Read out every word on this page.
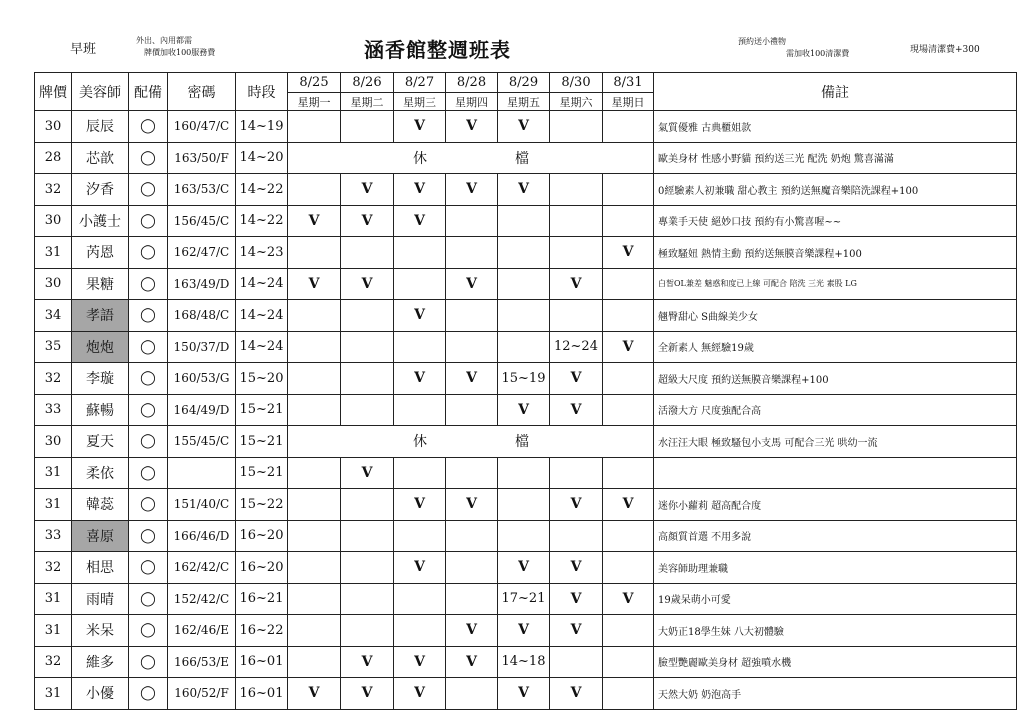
早班
外出、內用都需
牌價加收100服務費	涵香館整週班表	預約送小禮物
需加收100清潔費	現場清潔費+300
牌價	美容師	配備	密碼	時段	8/25	8/26	8/27	8/28	8/29	8/30	8/31	備註
					星期一	星期二	星期三	星期四	星期五	星期六	星期日	
30	辰辰	◯	160/47/C	14~19			V	V	V			氣質優雅 古典櫃姐款
28	芯歆	◯	163/50/F	14~20	休 檔							歐美身材 性感小野貓 預約送三光 配洗 奶炮 驚喜滿滿
32	汐香	◯	163/53/C	14~22		V	V	V	V			0經驗素人初兼職 甜心教主 預約送無魔音樂陪洗課程+100
30	小護士	◯	156/45/C	14~22	V	V	V					專業手天使 絕妙口技 預約有小驚喜喔~~
31	芮恩	◯	162/47/C	14~23							V	極致騷妞 熱情主動 預約送無膜音樂課程+100
30	果糖	◯	163/49/D	14~24	V	V		V		V		白皙OL兼差 魅惑和度已上線 可配合 陪洗 三光 素股 LG
34	孝語	◯	168/48/C	14~24			V					翹臀甜心 S曲線美少女
35	炮炮	◯	150/37/D	14~24						12~24	V	全新素人 無經驗19歲
32	李璇	◯	160/53/G	15~20			V	V	15~19	V		超級大尺度 預約送無膜音樂課程+100
33	蘇暢	◯	164/49/D	15~21					V	V		活潑大方 尺度強配合高
30	夏天	◯	155/45/C	15~21	休 檔							水汪汪大眼 極致騷包小支馬 可配合三光 哄幼一流
31	柔依	◯		15~21		V						
31	韓蕊	◯	151/40/C	15~22			V	V		V	V	迷你小蘿莉 超高配合度
33	喜原	◯	166/46/D	16~20								高顏質首選 不用多說
32	相思	◯	162/42/C	16~20			V		V	V		美容師助理兼職
31	雨晴	◯	152/42/C	16~21					17~21	V	V	19歲呆萌小可愛
31	米呆	◯	162/46/E	16~22				V	V	V		大奶正18學生妹 八大初體驗
32	維多	◯	166/53/E	16~01		V	V	V	14~18			臉型艷麗歐美身材 超強噴水機
31	小優	◯	160/52/F	16~01	V	V	V		V	V		天然大奶 奶泡高手
